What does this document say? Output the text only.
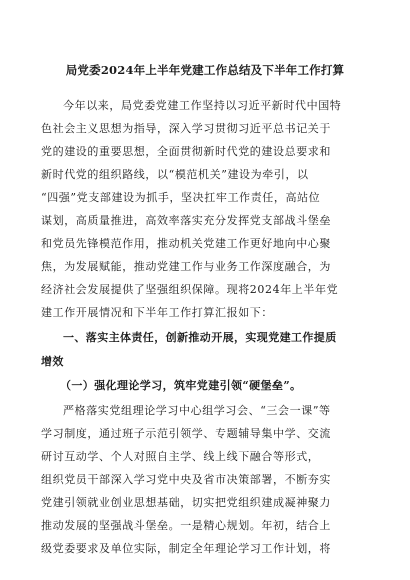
局党委2024年上半年党建工作总结及下半年工作打算
今年以来，局党委党建工作坚持以习近平新时代中国特
色社会主义思想为指导，深入学习贯彻习近平总书记关于
党的建设的重要思想，全面贯彻新时代党的建设总要求和
新时代党的组织路线，以“模范机关”建设为牵引，以
“四强”党支部建设为抓手，坚决扛牢工作责任，高站位
谋划，高质量推进，高效率落实充分发挥党支部战斗堡垒
和党员先锋模范作用，推动机关党建工作更好地向中心聚
焦，为发展赋能，推动党建工作与业务工作深度融合，为
经济社会发展提供了坚强组织保障。现将2024年上半年党
建工作开展情况和下半年工作打算汇报如下：
一、落实主体责任，创新推动开展，实现党建工作提质
增效
（一）强化理论学习，筑牢党建引领“硬堡垒”。
严格落实党组理论学习中心组学习会、“三会一课”等
学习制度，通过班子示范引领学、专题辅导集中学、交流
研讨互动学、个人对照自主学、线上线下融合等形式，
组织党员干部深入学习党中央及省市决策部署，不断夯实
党建引领就业创业思想基础，切实把党组织建成凝神聚力
推动发展的坚强战斗堡垒。一是精心规划。年初，结合上
级党委要求及单位实际，制定全年理论学习工作计划，将
